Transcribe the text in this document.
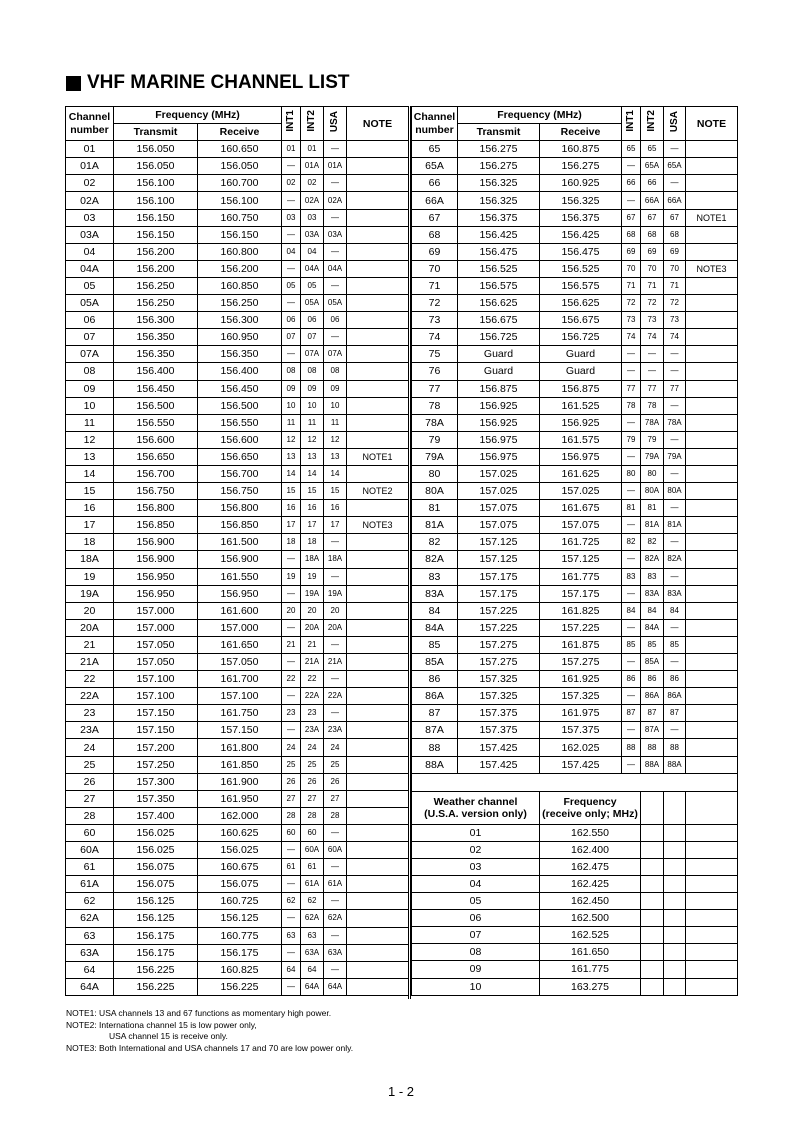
VHF MARINE CHANNEL LIST
Channel
number	Frequency (MHz)		INT1	INT2	USA	NOTE
	Transmit	Receive				
01	156.050	160.650	01	01	—	
01A	156.050	156.050	—	01A	01A	
02	156.100	160.700	02	02	—	
02A	156.100	156.100	—	02A	02A	
03	156.150	160.750	03	03	—	
03A	156.150	156.150	—	03A	03A	
04	156.200	160.800	04	04	—	
04A	156.200	156.200	—	04A	04A	
05	156.250	160.850	05	05	—	
05A	156.250	156.250	—	05A	05A	
06	156.300	156.300	06	06	06	
07	156.350	160.950	07	07	—	
07A	156.350	156.350	—	07A	07A	
08	156.400	156.400	08	08	08	
09	156.450	156.450	09	09	09	
10	156.500	156.500	10	10	10	
11	156.550	156.550	11	11	11	
12	156.600	156.600	12	12	12	
13	156.650	156.650	13	13	13	NOTE1
14	156.700	156.700	14	14	14	
15	156.750	156.750	15	15	15	NOTE2
16	156.800	156.800	16	16	16	
17	156.850	156.850	17	17	17	NOTE3
18	156.900	161.500	18	18	—	
18A	156.900	156.900	—	18A	18A	
19	156.950	161.550	19	19	—	
19A	156.950	156.950	—	19A	19A	
20	157.000	161.600	20	20	20	
20A	157.000	157.000	—	20A	20A	
21	157.050	161.650	21	21	—	
21A	157.050	157.050	—	21A	21A	
22	157.100	161.700	22	22	—	
22A	157.100	157.100	—	22A	22A	
23	157.150	161.750	23	23	—	
23A	157.150	157.150	—	23A	23A	
24	157.200	161.800	24	24	24	
25	157.250	161.850	25	25	25	
26	157.300	161.900	26	26	26	
27	157.350	161.950	27	27	27	
28	157.400	162.000	28	28	28	
60	156.025	160.625	60	60	—	
60A	156.025	156.025	—	60A	60A	
61	156.075	160.675	61	61	—	
61A	156.075	156.075	—	61A	61A	
62	156.125	160.725	62	62	—	
62A	156.125	156.125	—	62A	62A	
63	156.175	160.775	63	63	—	
63A	156.175	156.175	—	63A	63A	
64	156.225	160.825	64	64	—	
64A	156.225	156.225	—	64A	64A	
Channel
number	Frequency (MHz)		INT1	INT2	USA	NOTE
	Transmit	Receive				
65	156.275	160.875	65	65	—	
65A	156.275	156.275	—	65A	65A	
66	156.325	160.925	66	66	—	
66A	156.325	156.325	—	66A	66A	
67	156.375	156.375	67	67	67	NOTE1
68	156.425	156.425	68	68	68	
69	156.475	156.475	69	69	69	
70	156.525	156.525	70	70	70	NOTE3
71	156.575	156.575	71	71	71	
72	156.625	156.625	72	72	72	
73	156.675	156.675	73	73	73	
74	156.725	156.725	74	74	74	
75	Guard	Guard	—	—	—	
76	Guard	Guard	—	—	—	
77	156.875	156.875	77	77	77	
78	156.925	161.525	78	78	—	
78A	156.925	156.925	—	78A	78A	
79	156.975	161.575	79	79	—	
79A	156.975	156.975	—	79A	79A	
80	157.025	161.625	80	80	—	
80A	157.025	157.025	—	80A	80A	
81	157.075	161.675	81	81	—	
81A	157.075	157.075	—	81A	81A	
82	157.125	161.725	82	82	—	
82A	157.125	157.125	—	82A	82A	
83	157.175	161.775	83	83	—	
83A	157.175	157.175	—	83A	83A	
84	157.225	161.825	84	84	84	
84A	157.225	157.225	—	84A	—	
85	157.275	161.875	85	85	85	
85A	157.275	157.275	—	85A	—	
86	157.325	161.925	86	86	86	
86A	157.325	157.325	—	86A	86A	
87	157.375	161.975	87	87	87	
87A	157.375	157.375	—	87A	—	
88	157.425	162.025	88	88	88	
88A	157.425	157.425	—	88A	88A	

Weather channel
(U.S.A. version only)		Frequency
(receive only; MHz)				
01		162.550				
02		162.400				
03		162.475				
04		162.425				
05		162.450				
06		162.500				
07		162.525				
08		161.650				
09		161.775				
10		163.275				
NOTE1: USA channels 13 and 67 functions as momentary high power.
NOTE2: Internationa channel 15 is low power only,
USA channel 15 is receive only.
NOTE3: Both International and USA channels 17 and 70 are low power only.
1 - 2
